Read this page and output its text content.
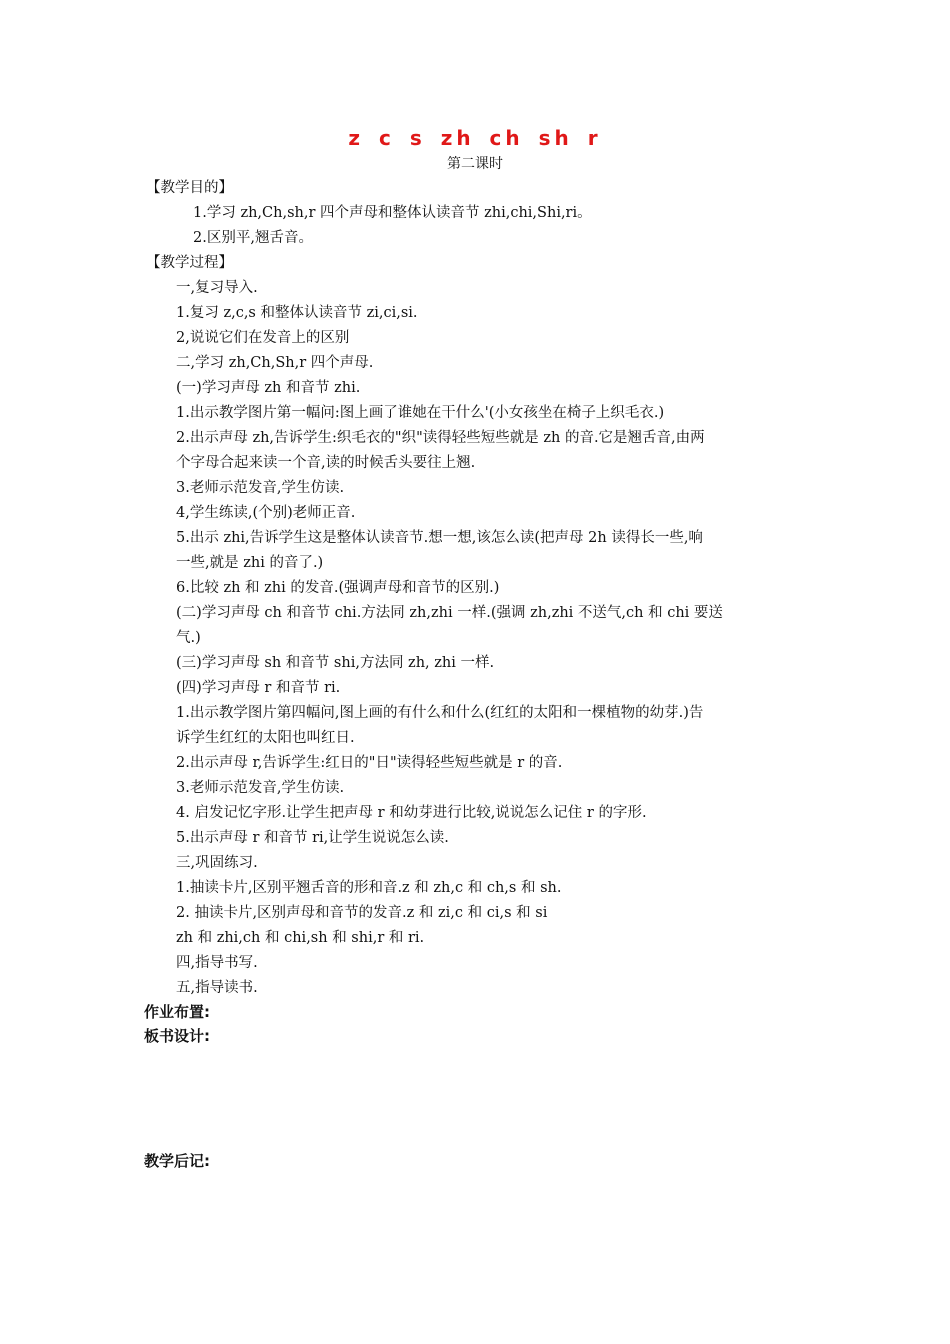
z c s zh ch sh r
第二课时
【教学目的】
1.学习 zh,Ch,sh,r 四个声母和整体认读音节 zhi,chi,Shi,ri。
2.区别平,翘舌音。
【教学过程】
一,复习导入.
1.复习 z,c,s 和整体认读音节 zi,ci,si.
2,说说它们在发音上的区别
二,学习 zh,Ch,Sh,r 四个声母.
(一)学习声母 zh 和音节 zhi.
1.出示教学图片第一幅问:图上画了谁她在干什么'(小女孩坐在椅子上织毛衣.)
2.出示声母 zh,告诉学生:织毛衣的"织"读得轻些短些就是 zh 的音.它是翘舌音,由两
个字母合起来读一个音,读的时候舌头要往上翘.
3.老师示范发音,学生仿读.
4,学生练读,(个别)老师正音.
5.出示 zhi,告诉学生这是整体认读音节.想一想,该怎么读(把声母 2h 读得长一些,响
一些,就是 zhi 的音了.)
6.比较 zh 和 zhi 的发音.(强调声母和音节的区别.)
(二)学习声母 ch 和音节 chi.方法同 zh,zhi 一样.(强调 zh,zhi 不送气,ch 和 chi 要送
气.)
(三)学习声母 sh 和音节 shi,方法同 zh, zhi 一样.
(四)学习声母 r 和音节 ri.
1.出示教学图片第四幅问,图上画的有什么和什么(红红的太阳和一棵植物的幼芽.)告
诉学生红红的太阳也叫红日.
2.出示声母 r,告诉学生:红日的"日"读得轻些短些就是 r 的音.
3.老师示范发音,学生仿读.
4. 启发记忆字形.让学生把声母 r 和幼芽进行比较,说说怎么记住 r 的字形.
5.出示声母 r 和音节 ri,让学生说说怎么读.
三,巩固练习.
1.抽读卡片,区别平翘舌音的形和音.z 和 zh,c 和 ch,s 和 sh.
2. 抽读卡片,区别声母和音节的发音.z 和 zi,c 和 ci,s 和 si
zh 和 zhi,ch 和 chi,sh 和 shi,r 和 ri.
四,指导书写.
五,指导读书.
作业布置:
板书设计:
教学后记:
